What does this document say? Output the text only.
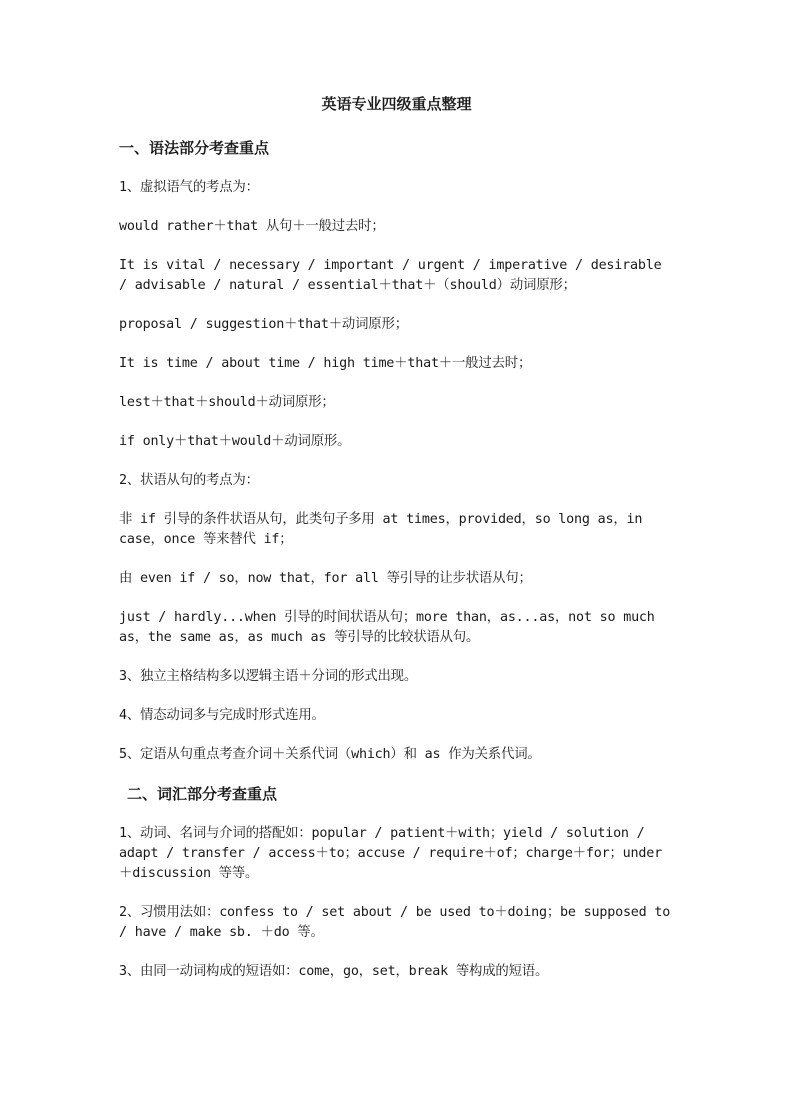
英语专业四级重点整理
一、语法部分考查重点

1、虚拟语气的考点为：

would rather＋that 从句＋一般过去时；

It is vital / necessary / important / urgent / imperative / desirable / advisable / natural / essential＋that＋（should）动词原形；

proposal / suggestion＋that＋动词原形；

It is time / about time / high time＋that＋一般过去时；

lest＋that＋should＋动词原形；

if only＋that＋would＋动词原形。

2、状语从句的考点为：

非 if 引导的条件状语从句，此类句子多用 at times，provided，so long as，in case，once 等来替代 if；

由 even if / so，now that，for all 等引导的让步状语从句；

just / hardly...when 引导的时间状语从句；more than，as...as，not so much as，the same as，as much as 等引导的比较状语从句。

3、独立主格结构多以逻辑主语＋分词的形式出现。

4、情态动词多与完成时形式连用。

5、定语从句重点考查介词＋关系代词（which）和 as 作为关系代词。

二、词汇部分考查重点

1、动词、名词与介词的搭配如：popular / patient＋with；yield / solution / adapt / transfer / access＋to；accuse / require＋of；charge＋for；under＋discussion 等等。

2、习惯用法如：confess to / set about / be used to＋doing；be supposed to / have / make sb. ＋do 等。

3、由同一动词构成的短语如：come，go，set，break 等构成的短语。
